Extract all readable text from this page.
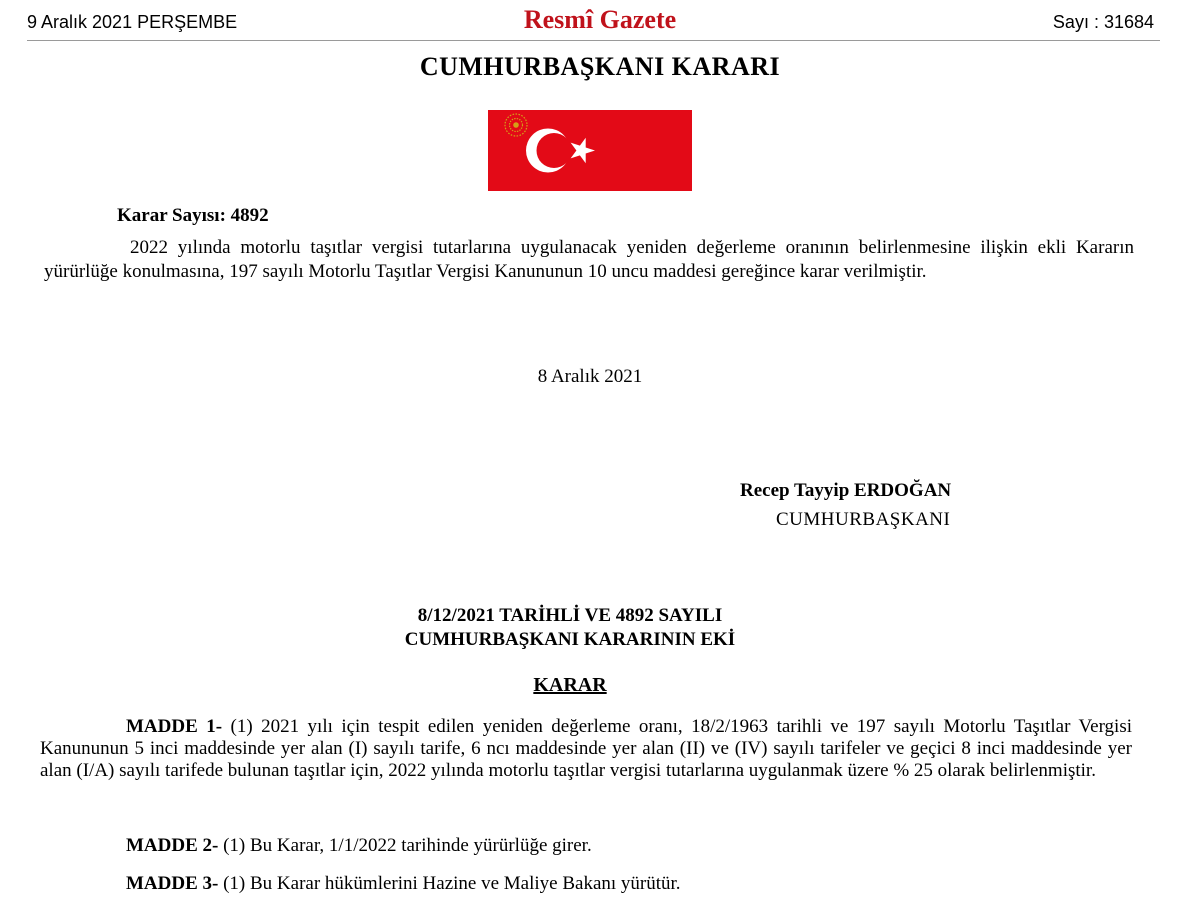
9 Aralık 2021 PERŞEMBE	Resmî Gazete	Sayı : 31684
CUMHURBAŞKANI KARARI
Karar Sayısı: 4892
2022 yılında motorlu taşıtlar vergisi tutarlarına uygulanacak yeniden değerleme oranının belirlenmesine ilişkin ekli Kararın yürürlüğe konulmasına, 197 sayılı Motorlu Taşıtlar Vergisi Kanununun 10 uncu maddesi gereğince karar verilmiştir.
8 Aralık 2021
Recep Tayyip ERDOĞAN
CUMHURBAŞKANI
8/12/2021 TARİHLİ VE 4892 SAYILI
CUMHURBAŞKANI KARARININ EKİ
KARAR
MADDE 1- (1) 2021 yılı için tespit edilen yeniden değerleme oranı, 18/2/1963 tarihli ve 197 sayılı Motorlu Taşıtlar Vergisi Kanununun 5 inci maddesinde yer alan (I) sayılı tarife, 6 ncı maddesinde yer alan (II) ve (IV) sayılı tarifeler ve geçici 8 inci maddesinde yer alan (I/A) sayılı tarifede bulunan taşıtlar için, 2022 yılında motorlu taşıtlar vergisi tutarlarına uygulanmak üzere % 25 olarak belirlenmiştir.
MADDE 2- (1) Bu Karar, 1/1/2022 tarihinde yürürlüğe girer.
MADDE 3- (1) Bu Karar hükümlerini Hazine ve Maliye Bakanı yürütür.
